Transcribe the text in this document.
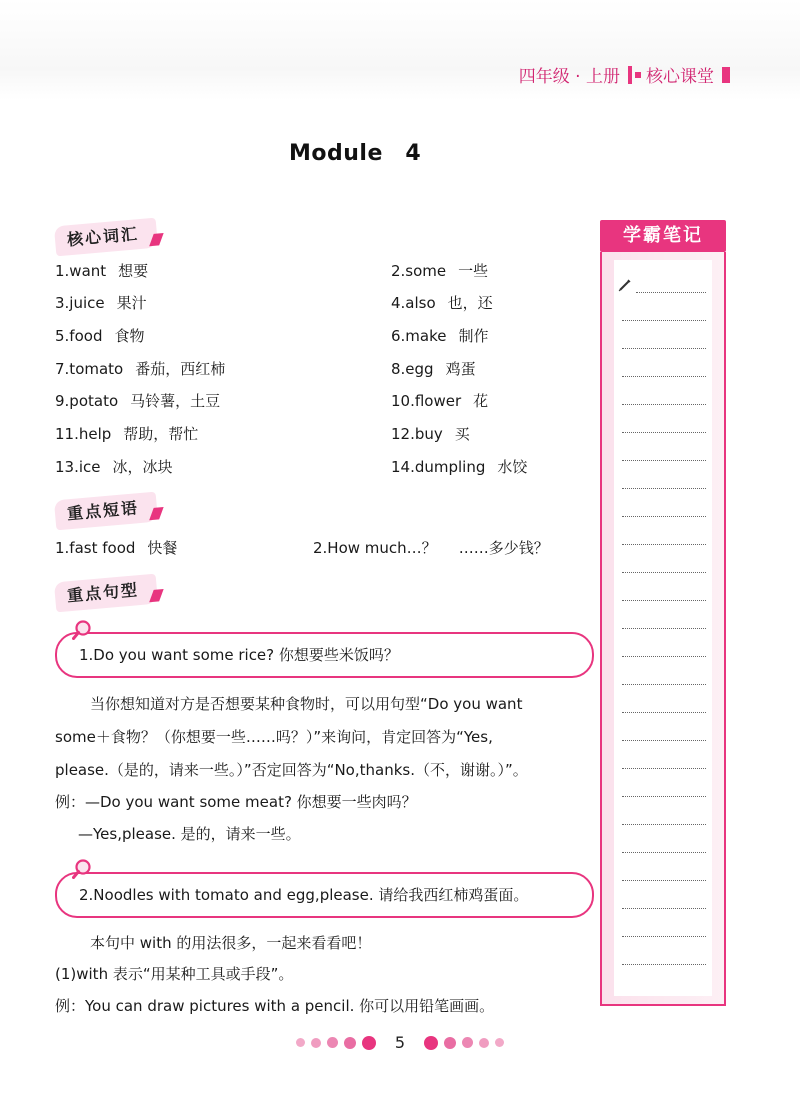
四年级 · 上册 核心课堂
Module　4
核心词汇
1.want 想要	2.some 一些
3.juice 果汁	4.also 也，还
5.food 食物	6.make 制作
7.tomato 番茄，西红柿	8.egg 鸡蛋
9.potato 马铃薯，土豆	10.flower 花
11.help 帮助，帮忙	12.buy 买
13.ice 冰，冰块	14.dumpling 水饺
重点短语
1.fast food 快餐	2.How much…？ ……多少钱？
重点句型
1.Do you want some rice? 你想要些米饭吗？
当你想知道对方是否想要某种食物时，可以用句型“Do you want
some＋食物？（你想要一些……吗？）”来询问，肯定回答为“Yes,
please.（是的，请来一些。）”否定回答为“No,thanks.（不，谢谢。）”。
例：—Do you want some meat? 你想要一些肉吗？
—Yes,please. 是的，请来一些。
2.Noodles with tomato and egg,please. 请给我西红柿鸡蛋面。
本句中 with 的用法很多，一起来看看吧！
(1)with 表示“用某种工具或手段”。
例：You can draw pictures with a pencil. 你可以用铅笔画画。
学霸笔记
5
